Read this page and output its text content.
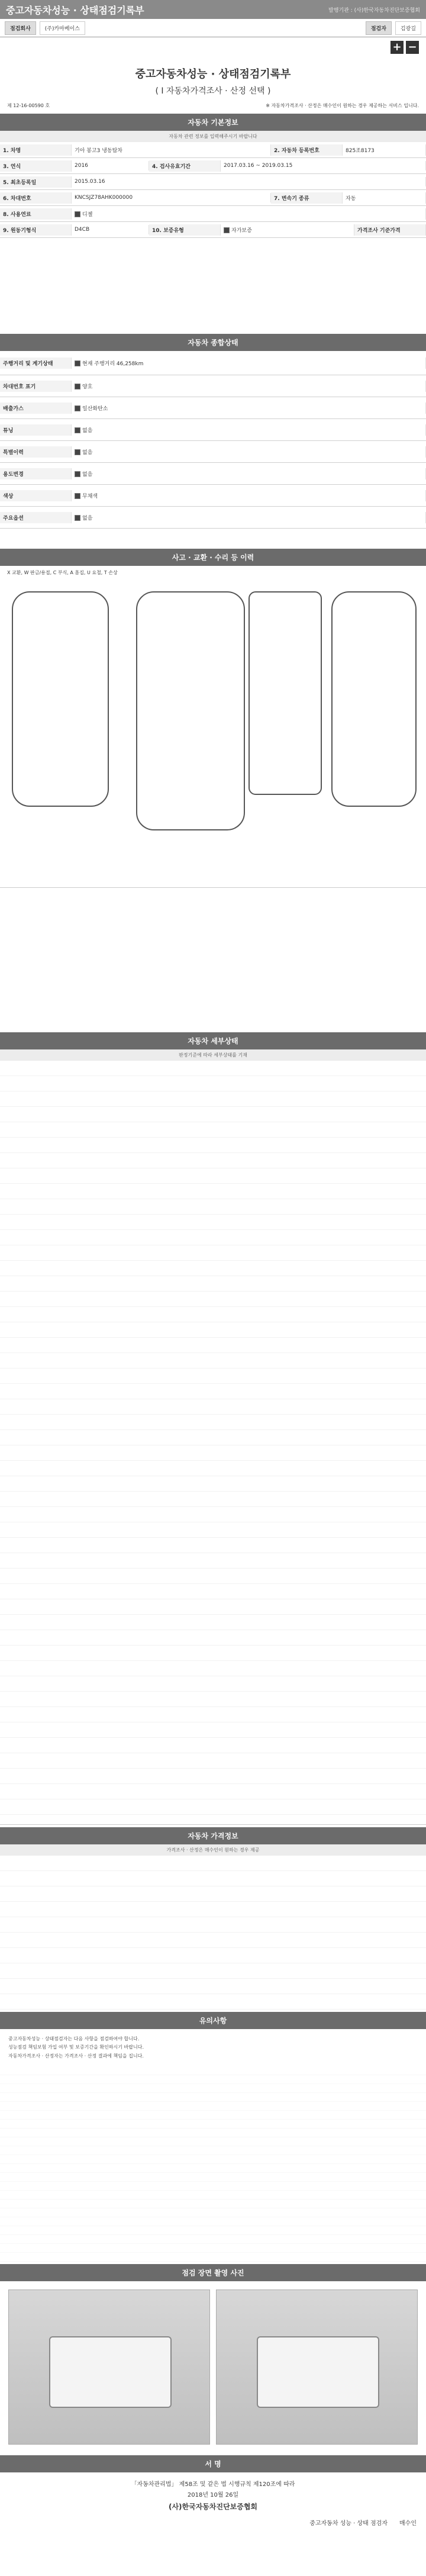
중고자동차성능 · 상태점검기록부	발행기관 : (사)한국자동차진단보증협회
점검회사	(주)카마베이스	점검자	김광길
+ −
중고자동차성능 · 상태점검기록부
( Ⅰ 자동차가격조사 · 산정 선택 )
제 12-16-00590 호	※ 자동차가격조사 · 산정은 매수인이 원하는 경우 제공하는 서비스 입니다.
자동차 기본정보
자동차 관련 정보를 입력해주시기 바랍니다
1. 차명	기아 봉고3 냉동탑차	2. 자동차 등록번호	825조8173
3. 연식	2016	4. 검사유효기간	2017.03.16 ~ 2019.03.15
5. 최초등록일	2015.03.16
6. 차대번호	KNCSJZ78AHK000000	7. 변속기 종류	자동
8. 사용연료	디젤
9. 원동기형식	D4CB	10. 보증유형	자가보증	가격조사 기준가격
자동차 종합상태
주행거리 및 계기상태	현재 주행거리 46,258km
차대번호 표기	양호
배출가스	일산화탄소
튜닝	없음
특별이력	없음
용도변경	없음
색상	무채색
주요옵션	없음
사고 · 교환 · 수리 등 이력
X 교환, W 판금/용접, C 부식, A 흠집, U 요철, T 손상
자동차 세부상태
판정기준에 따라 세부상태를 기재
자동차 가격정보
가격조사 · 산정은 매수인이 원하는 경우 제공
유의사항
중고자동차성능 · 상태점검자는 다음 사항을 점검하여야 합니다.
성능점검 책임보험 가입 여부 및 보증기간을 확인하시기 바랍니다.
자동차가격조사 · 산정자는 가격조사 · 산정 결과에 책임을 집니다.
점검 장면 촬영 사진
서 명
「자동차관리법」 제58조 및 같은 법 시행규칙 제120조에 따라
2018년 10월 26일
(사)한국자동차진단보증협회
중고자동차 성능 · 상태 점검자 매수인
